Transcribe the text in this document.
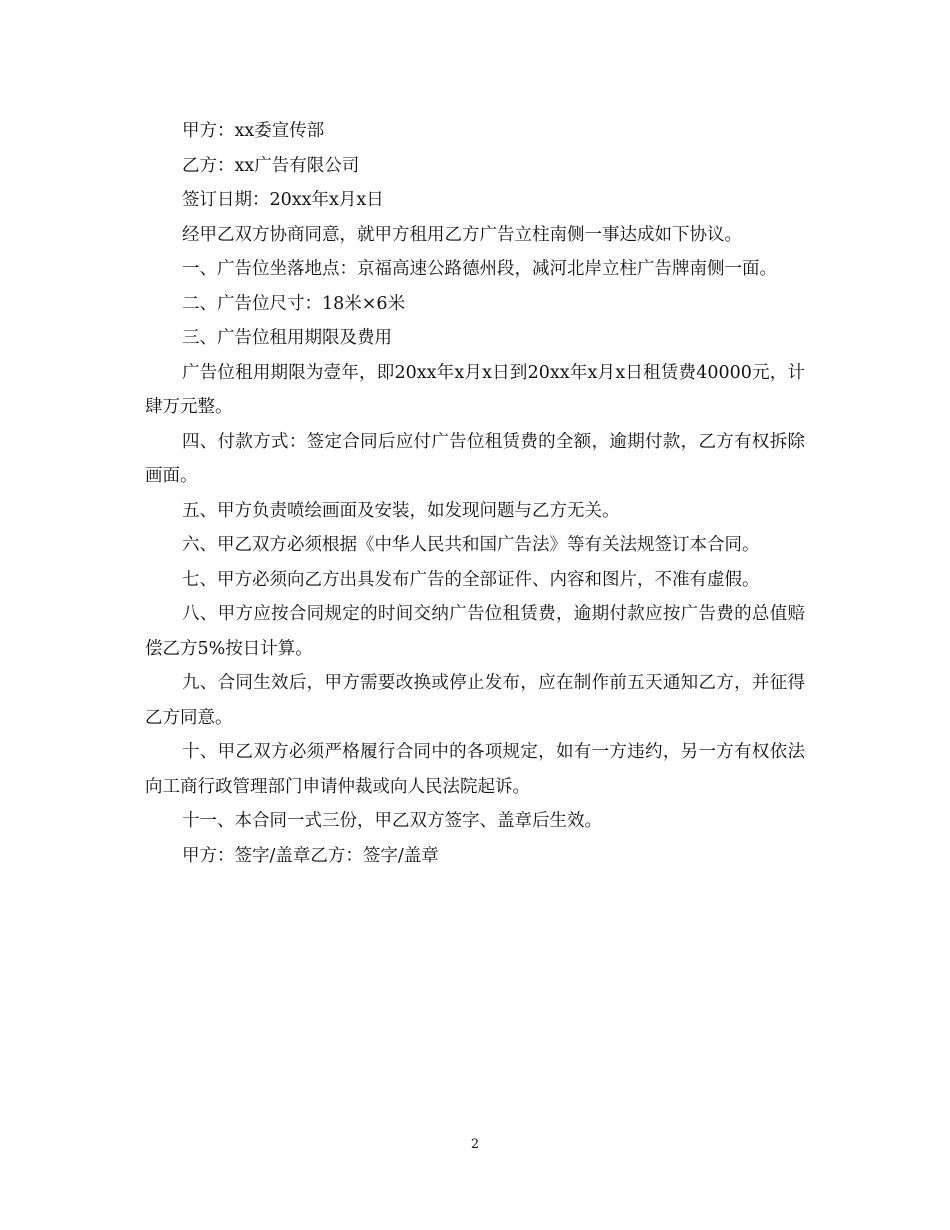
甲方：xx委宣传部

乙方：xx广告有限公司

签订日期：20xx年x月x日

经甲乙双方协商同意，就甲方租用乙方广告立柱南侧一事达成如下协议。

一、广告位坐落地点：京福高速公路德州段，减河北岸立柱广告牌南侧一面。

二、广告位尺寸：18米×6米

三、广告位租用期限及费用

广告位租用期限为壹年，即20xx年x月x日到20xx年x月x日租赁费40000元，计肆万元整。

四、付款方式：签定合同后应付广告位租赁费的全额，逾期付款，乙方有权拆除画面。

五、甲方负责喷绘画面及安装，如发现问题与乙方无关。

六、甲乙双方必须根据《中华人民共和国广告法》等有关法规签订本合同。

七、甲方必须向乙方出具发布广告的全部证件、内容和图片，不准有虚假。

八、甲方应按合同规定的时间交纳广告位租赁费，逾期付款应按广告费的总值赔偿乙方5%按日计算。

九、合同生效后，甲方需要改换或停止发布，应在制作前五天通知乙方，并征得乙方同意。

十、甲乙双方必须严格履行合同中的各项规定，如有一方违约，另一方有权依法向工商行政管理部门申请仲裁或向人民法院起诉。

十一、本合同一式三份，甲乙双方签字、盖章后生效。

甲方：签字/盖章乙方：签字/盖章

2
